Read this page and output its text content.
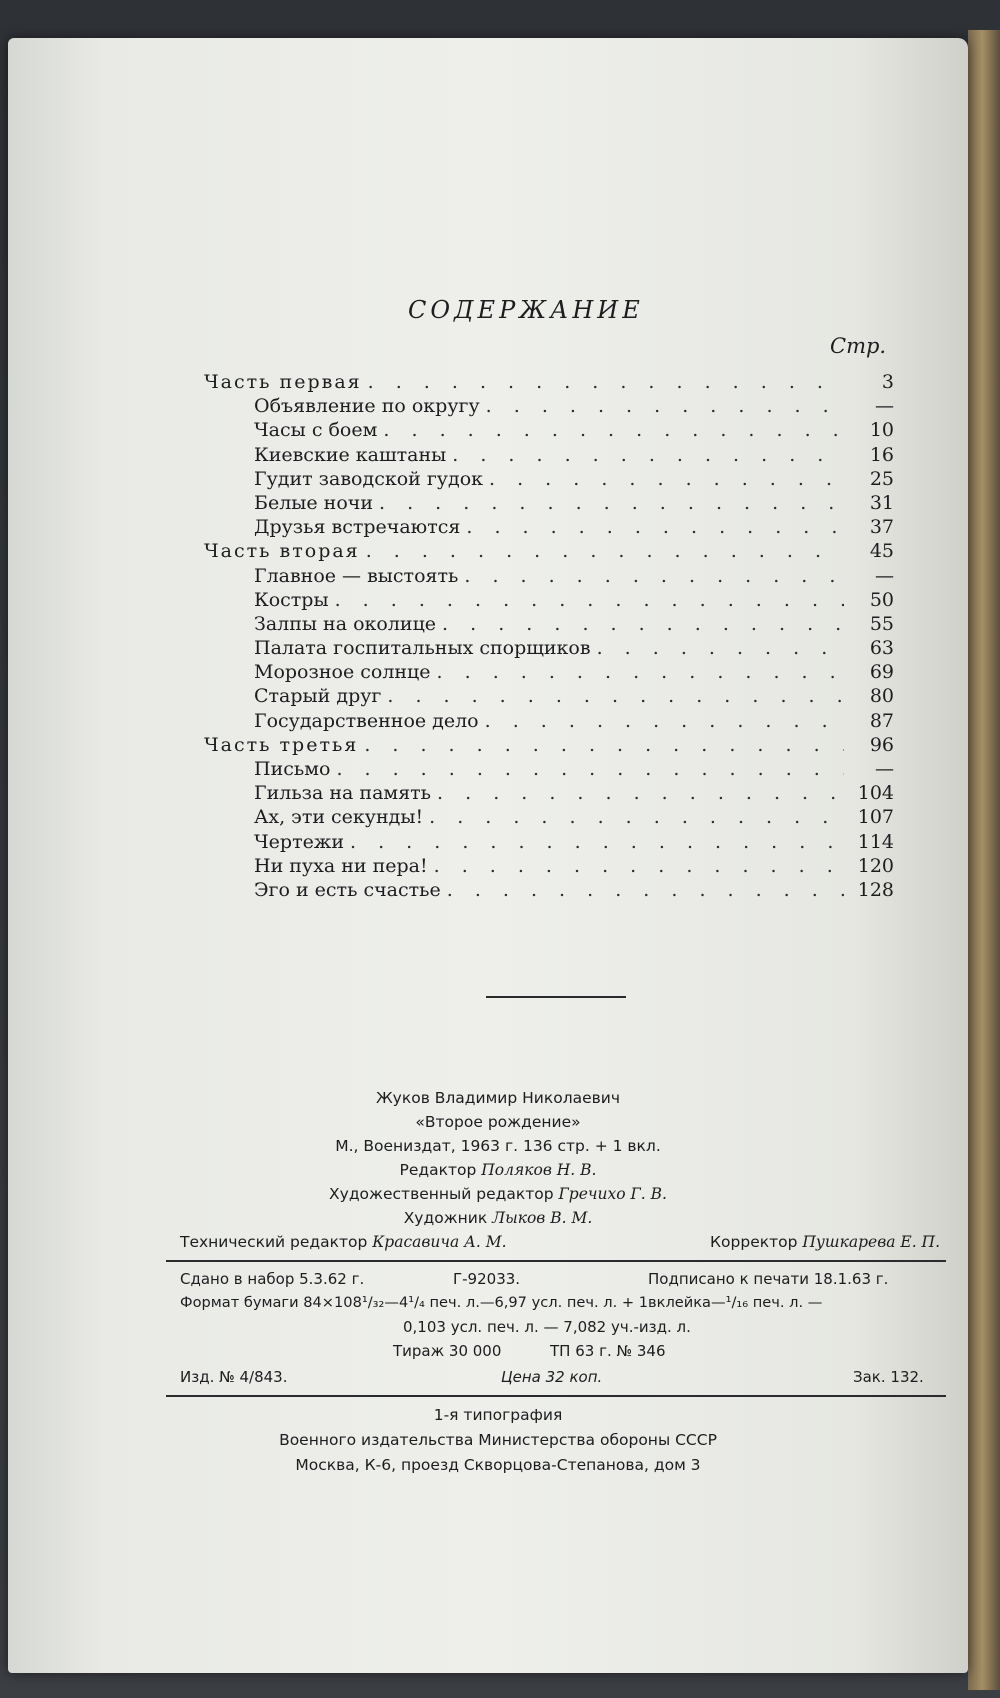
СОДЕРЖАНИЕ
Стр.
Часть первая . . .	3
Объявление по округу . . .	—
Часы с боем . . .	10
Киевские каштаны . . .	16
Гудит заводской гудок . . .	25
Белые ночи . . .	31
Друзья встречаются . . .	37
Часть вторая . . .	45
Главное — выстоять . . .	—
Костры . . .	50
Залпы на околице . . .	55
Палата госпитальных спорщиков . . .	63
Морозное солнце . . .	69
Старый друг . . .	80
Государственное дело . . .	87
Часть третья . . .	96
Письмо . . .	—
Гильза на память . . .	104
Ах, эти секунды! . . .	107
Чертежи . . .	114
Ни пуха ни пера! . . .	120
Эго и есть счастье . . .	128
Жуков Владимир Николаевич
«Второе рождение»
М., Воениздат, 1963 г. 136 стр. + 1 вкл.
Редактор Поляков Н. В.
Художественный редактор Гречихо Г. В.
Художник Лыков В. М.
Технический редактор Красавича А. М.	Корректор Пушкарева Е. П.
Сдано в набор 5.3.62 г.	Г-92033.	Подписано к печати 18.1.63 г.
Формат бумаги 84×108¹/₃₂—4¹/₄ печ. л.—6,97 усл. печ. л. + 1вклейка—¹/₁₆ печ. л. —
0,103 усл. печ. л. — 7,082 уч.-изд. л.
Тираж 30 000	ТП 63 г. № 346
Изд. № 4/843.	Цена 32 коп.	Зак. 132.
1-я типография
Военного издательства Министерства обороны СССР
Москва, К-6, проезд Скворцова-Степанова, дом 3
